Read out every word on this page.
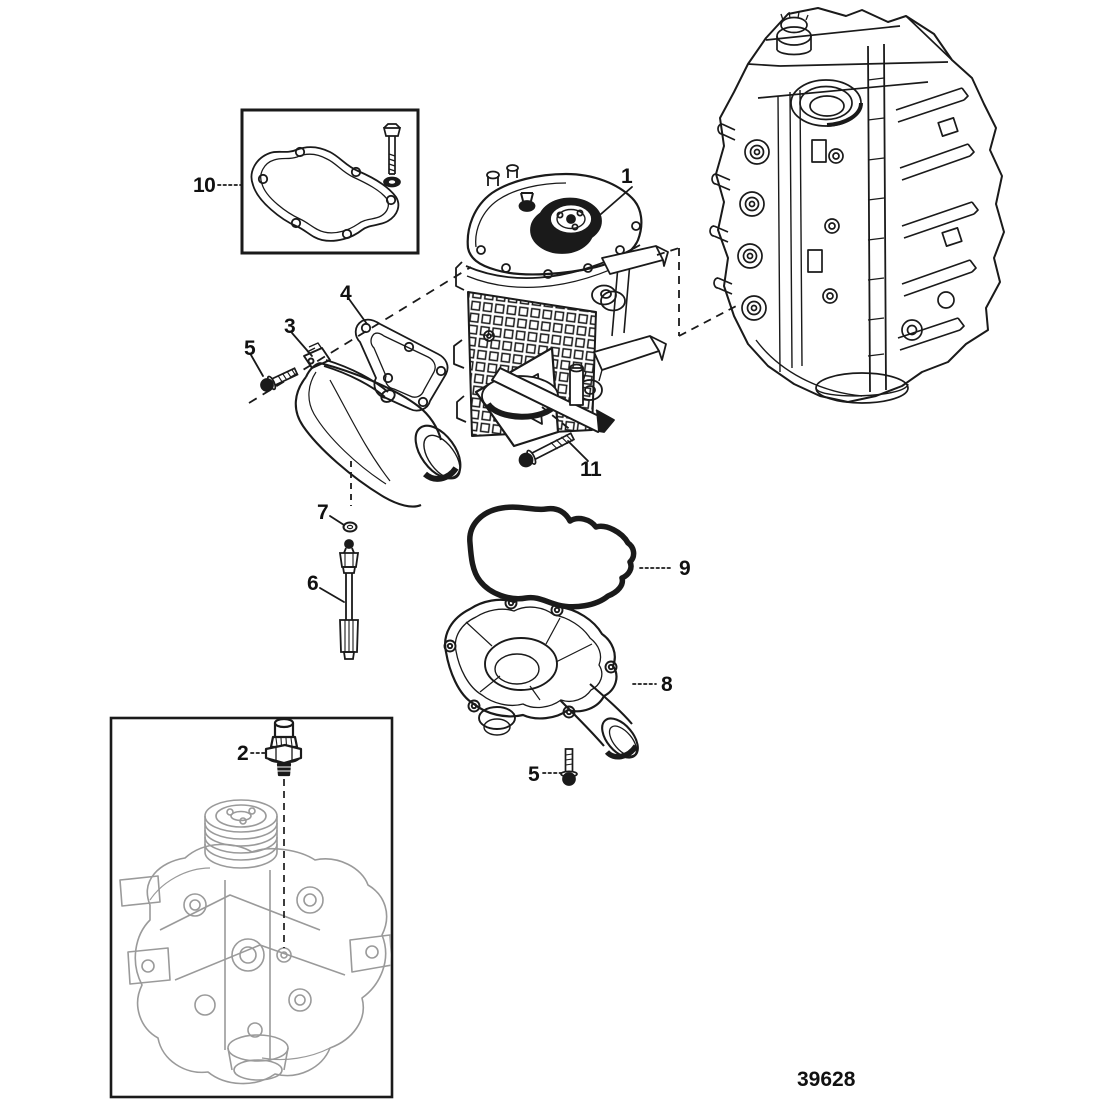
1
2
3
4
5
5
6
7
8
9
10
11
39628
